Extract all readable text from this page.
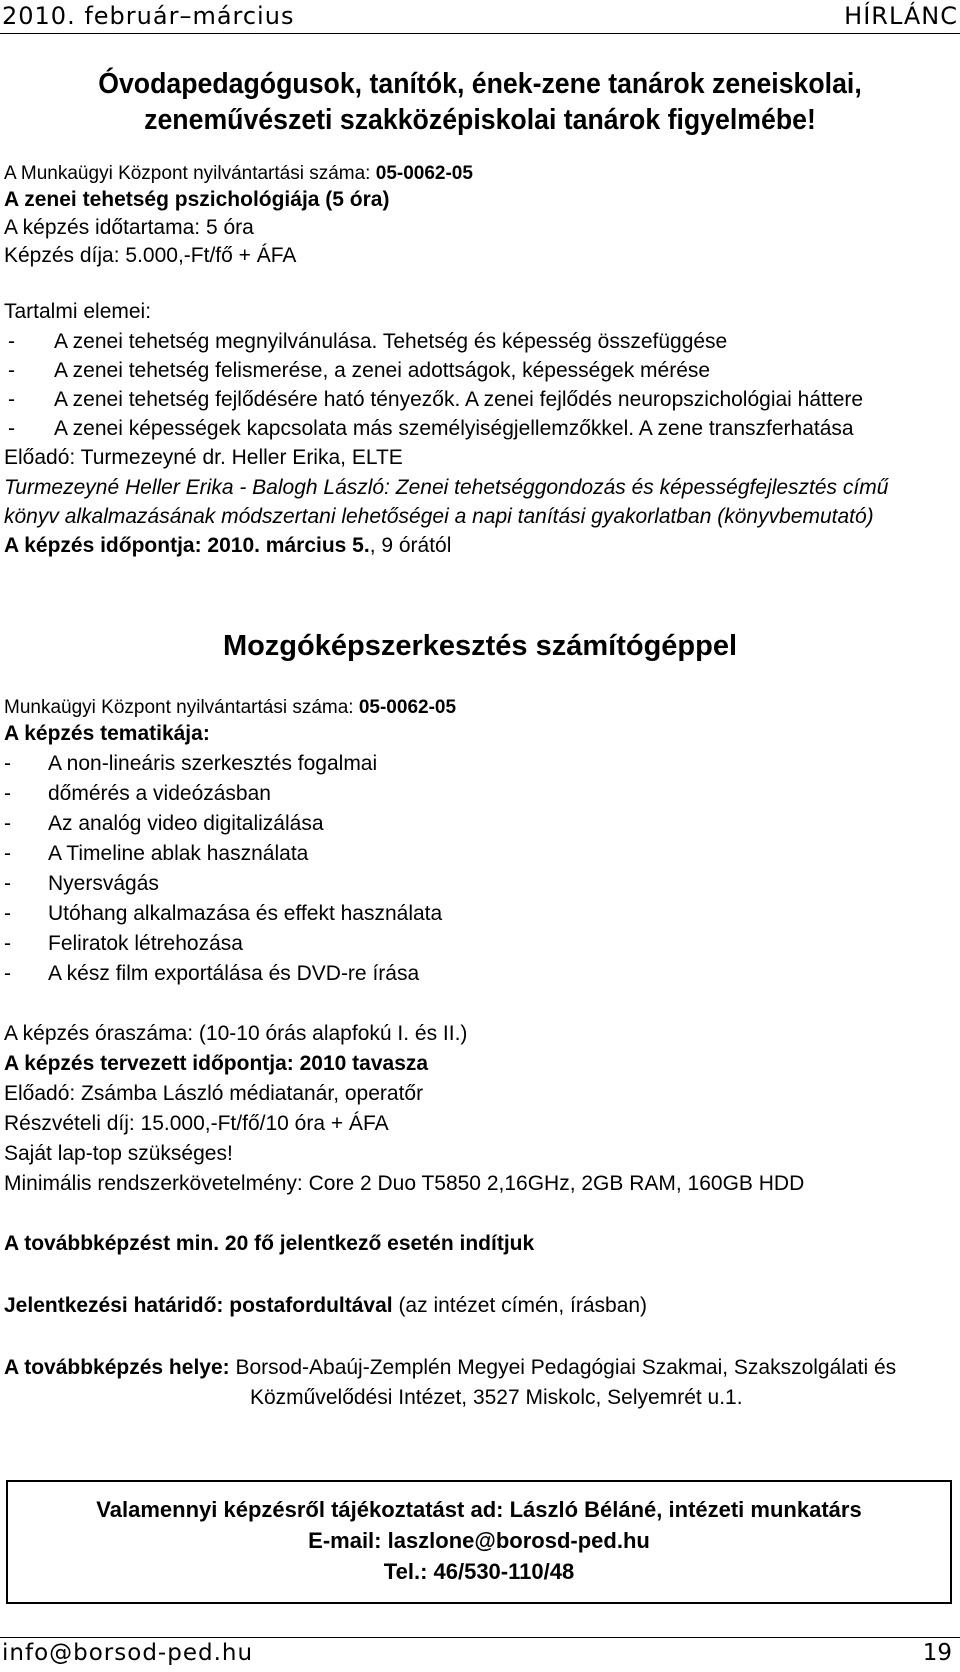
2010. február–március	HÍRLÁNC
Óvodapedagógusok, tanítók, ének-zene tanárok zeneiskolai,
zeneművészeti szakközépiskolai tanárok figyelmébe!
A Munkaügyi Központ nyilvántartási száma: 05-0062-05
A zenei tehetség pszichológiája (5 óra)
A képzés időtartama: 5 óra
Képzés díja: 5.000,-Ft/fő + ÁFA
Tartalmi elemei:
- A zenei tehetség megnyilvánulása. Tehetség és képesség összefüggése
- A zenei tehetség felismerése, a zenei adottságok, képességek mérése
- A zenei tehetség fejlődésére ható tényezők. A zenei fejlődés neuropszichológiai háttere
- A zenei képességek kapcsolata más személyiségjellemzőkkel. A zene transzferhatása
Előadó: Turmezeyné dr. Heller Erika, ELTE
Turmezeyné Heller Erika - Balogh László: Zenei tehetséggondozás és képességfejlesztés című
könyv alkalmazásának módszertani lehetőségei a napi tanítási gyakorlatban (könyvbemutató)
A képzés időpontja: 2010. március 5., 9 órától
Mozgóképszerkesztés számítógéppel
Munkaügyi Központ nyilvántartási száma: 05-0062-05
A képzés tematikája:
- A non-lineáris szerkesztés fogalmai
- dőmérés a videózásban
- Az analóg video digitalizálása
- A Timeline ablak használata
- Nyersvágás
- Utóhang alkalmazása és effekt használata
- Feliratok létrehozása
- A kész film exportálása és DVD-re írása
A képzés óraszáma: (10-10 órás alapfokú I. és II.)
A képzés tervezett időpontja: 2010 tavasza
Előadó: Zsámba László médiatanár, operatőr
Részvételi díj: 15.000,-Ft/fő/10 óra + ÁFA
Saját lap-top szükséges!
Minimális rendszerkövetelmény: Core 2 Duo T5850 2,16GHz, 2GB RAM, 160GB HDD
A továbbképzést min. 20 fő jelentkező esetén indítjuk
Jelentkezési határidő: postafordultával (az intézet címén, írásban)
A továbbképzés helye: Borsod-Abaúj-Zemplén Megyei Pedagógiai Szakmai, Szakszolgálati és
Közművelődési Intézet, 3527 Miskolc, Selyemrét u.1.
Valamennyi képzésről tájékoztatást ad: László Béláné, intézeti munkatárs
E-mail: laszlone@borosd-ped.hu
Tel.: 46/530-110/48
info@borsod-ped.hu	19
